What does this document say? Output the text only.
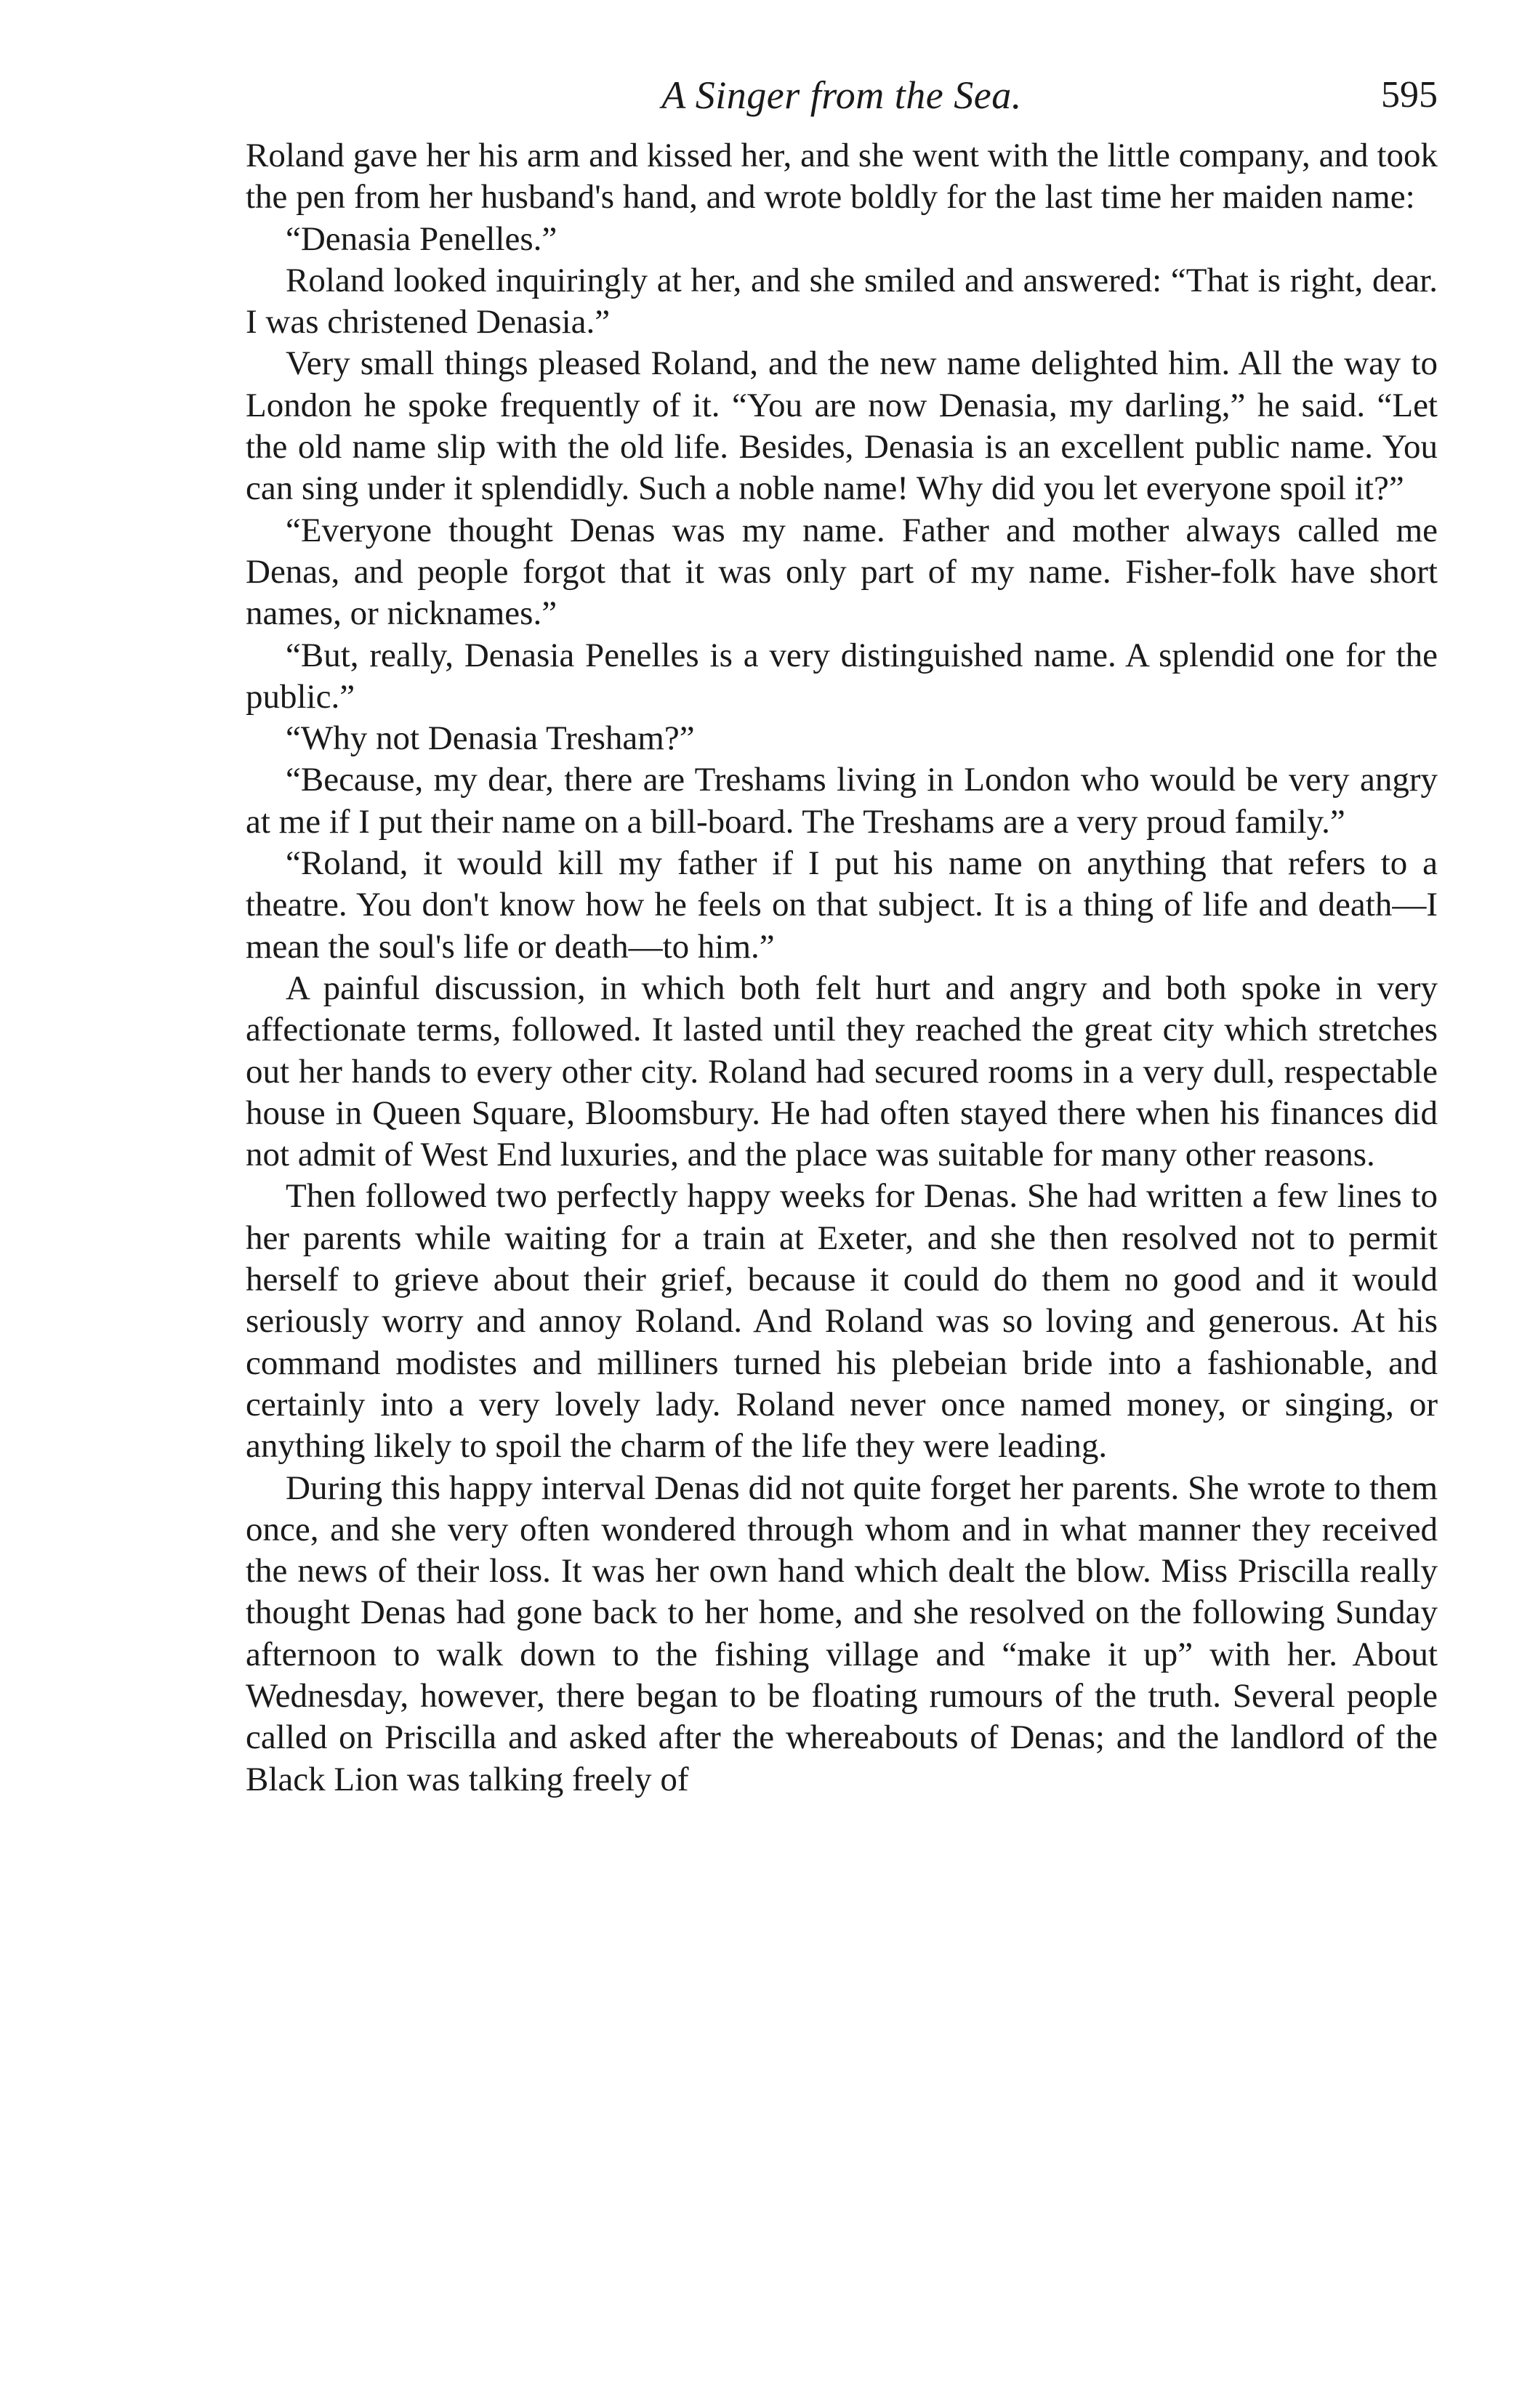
A Singer from the Sea.	595

Roland gave her his arm and kissed her, and she went with the little company, and took the pen from her husband's hand, and wrote boldly for the last time her maiden name:

“Denasia Penelles.”

Roland looked inquiringly at her, and she smiled and answered: “That is right, dear. I was christened Denasia.”

Very small things pleased Roland, and the new name delighted him. All the way to London he spoke frequently of it. “You are now Denasia, my darling,” he said. “Let the old name slip with the old life. Besides, Denasia is an excellent public name. You can sing under it splendidly. Such a noble name! Why did you let everyone spoil it?”

“Everyone thought Denas was my name. Father and mother always called me Denas, and people forgot that it was only part of my name. Fisher-folk have short names, or nicknames.”

“But, really, Denasia Penelles is a very distinguished name. A splendid one for the public.”

“Why not Denasia Tresham?”

“Because, my dear, there are Treshams living in London who would be very angry at me if I put their name on a bill-board. The Treshams are a very proud family.”

“Roland, it would kill my father if I put his name on anything that refers to a theatre. You don't know how he feels on that subject. It is a thing of life and death—I mean the soul's life or death—to him.”

A painful discussion, in which both felt hurt and angry and both spoke in very affectionate terms, followed. It lasted until they reached the great city which stretches out her hands to every other city. Roland had secured rooms in a very dull, respectable house in Queen Square, Bloomsbury. He had often stayed there when his finances did not admit of West End luxuries, and the place was suitable for many other reasons.

Then followed two perfectly happy weeks for Denas. She had written a few lines to her parents while waiting for a train at Exeter, and she then resolved not to permit herself to grieve about their grief, because it could do them no good and it would seriously worry and annoy Roland. And Roland was so loving and generous. At his command modistes and milliners turned his plebeian bride into a fashionable, and certainly into a very lovely lady. Roland never once named money, or singing, or anything likely to spoil the charm of the life they were leading.

During this happy interval Denas did not quite forget her parents. She wrote to them once, and she very often wondered through whom and in what manner they received the news of their loss. It was her own hand which dealt the blow. Miss Priscilla really thought Denas had gone back to her home, and she resolved on the following Sunday afternoon to walk down to the fishing village and “make it up” with her. About Wednesday, however, there began to be floating rumours of the truth. Several people called on Priscilla and asked after the whereabouts of Denas; and the landlord of the Black Lion was talking freely of
